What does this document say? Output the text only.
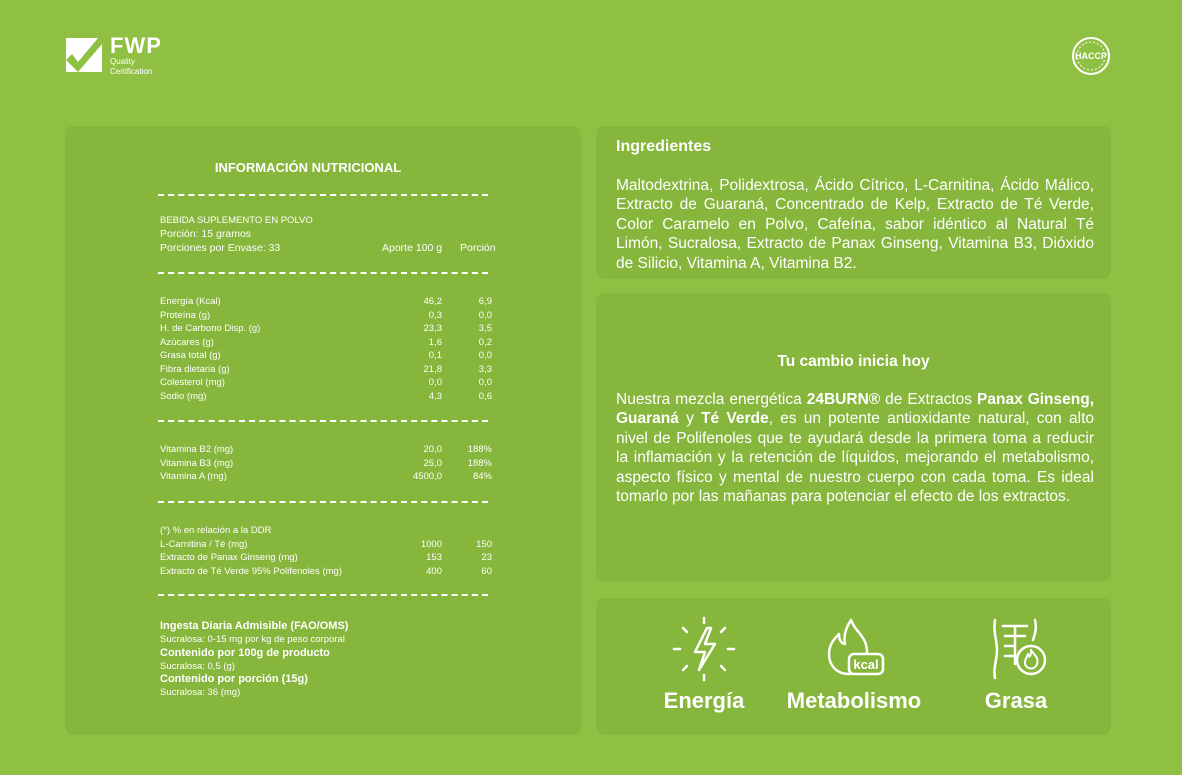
FWP
Quality
Certification
HACCP
INFORMACIÓN NUTRICIONAL
BEBIDA SUPLEMENTO EN POLVO
Porción: 15 gramos
Porciones por Envase: 33	Aporte 100 g Porción
Energía (Kcal)	46,2	6,9
Proteína (g)	0,3	0,0
H. de Carbono Disp. (g)	23,3	3,5
Azúcares (g)	1,6	0,2
Grasa total (g)	0,1	0,0
Fibra dietaria (g)	21,8	3,3
Colesterol (mg)	0,0	0,0
Sodio (mg)	4,3	0,6
Vitamina B2 (mg)	20,0	188%
Vitamina B3 (mg)	25,0	188%
Vitamina A (mg)	4500,0	84%
(*) % en relación a la DDR
L-Carnitina / Té (mg)	1000	150
Extracto de Panax Ginseng (mg)	153	23
Extracto de Té Verde 95% Polifenoles (mg)	400	60
Ingesta Diaria Admisible (FAO/OMS)
Sucralosa: 0-15 mg por kg de peso corporal
Contenido por 100g de producto
Sucralosa: 0,5 (g)
Contenido por porción (15g)
Sucralosa: 36 (mg)
Ingredientes
Maltodextrina, Polidextrosa, Ácido Cítrico, L-Carnitina, Ácido Málico, Extracto de Guaraná, Concentrado de Kelp, Extracto de Té Verde, Color Caramelo en Polvo, Cafeína, sabor idéntico al Natural Té Limón, Sucralosa, Extracto de Panax Ginseng, Vitamina B3, Dióxido de Silicio, Vitamina A, Vitamina B2.
Tu cambio inicia hoy
Nuestra mezcla energética 24BURN® de Extractos Panax Ginseng, Guaraná y Té Verde, es un potente antioxidante natural, con alto nivel de Polifenoles que te ayudará desde la primera toma a reducir la inflamación y la retención de líquidos, mejorando el metabolismo, aspecto físico y mental de nuestro cuerpo con cada toma. Es ideal tomarlo por las mañanas para potenciar el efecto de los extractos.
Energía
kcal
Metabolismo	Grasa
